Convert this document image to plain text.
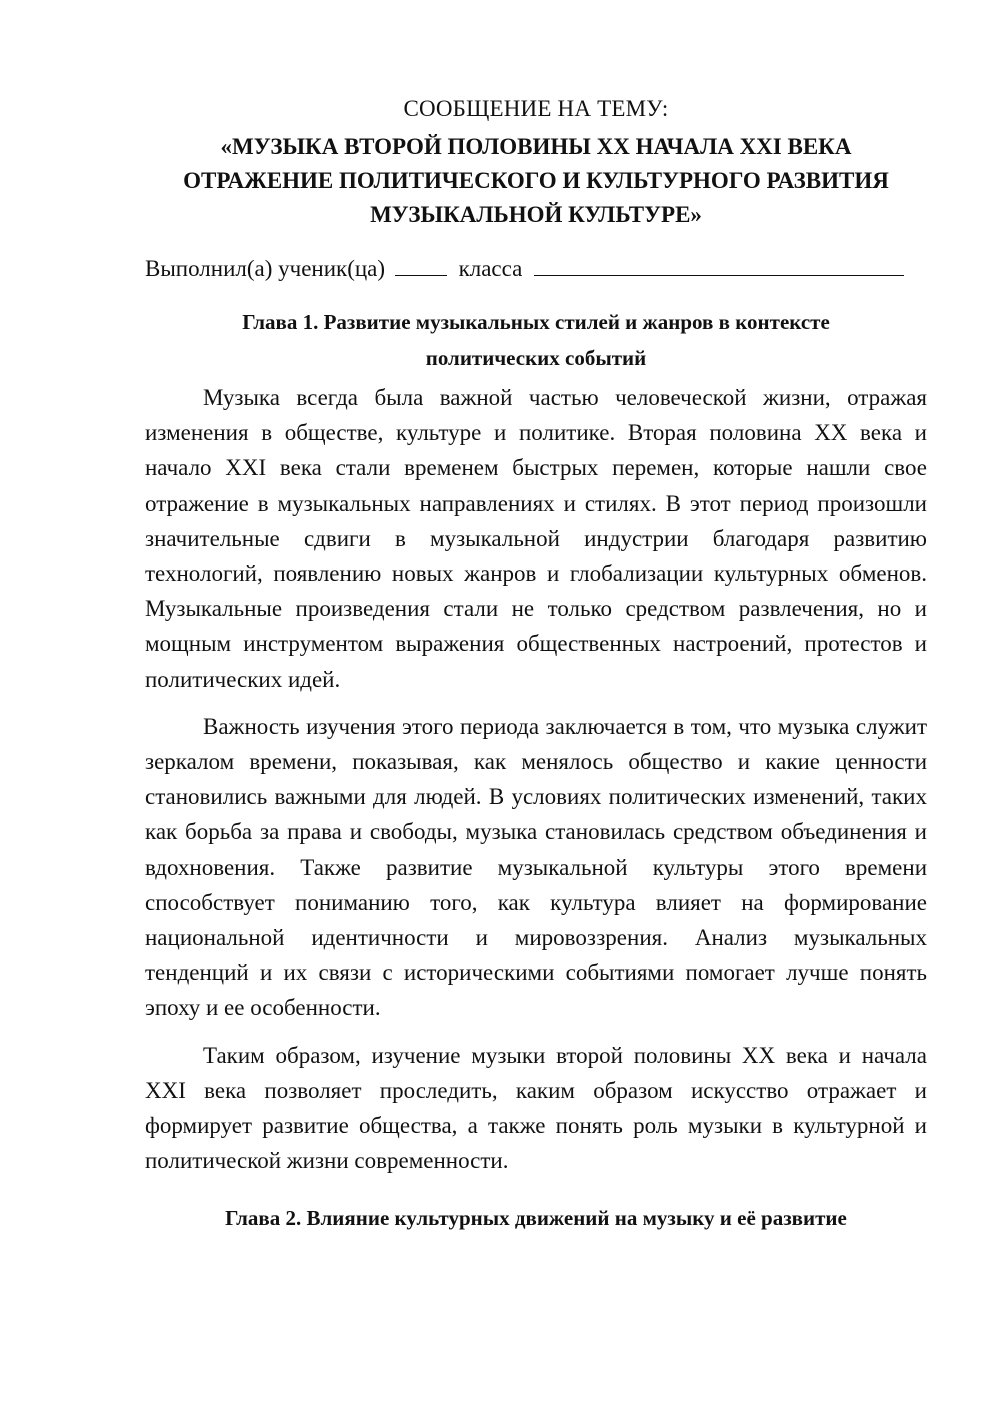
СООБЩЕНИЕ НА ТЕМУ:
«МУЗЫКА ВТОРОЙ ПОЛОВИНЫ XX НАЧАЛА XXI ВЕКА
ОТРАЖЕНИЕ ПОЛИТИЧЕСКОГО И КУЛЬТУРНОГО РАЗВИТИЯ
МУЗЫКАЛЬНОЙ КУЛЬТУРЕ»
Выполнил(а) ученик(ца)	класса
Глава 1. Развитие музыкальных стилей и жанров в контексте
политических событий

Музыка всегда была важной частью человеческой жизни, отражая изменения в обществе, культуре и политике. Вторая половина XX века и начало XXI века стали временем быстрых перемен, которые нашли свое отражение в музыкальных направлениях и стилях. В этот период произошли значительные сдвиги в музыкальной индустрии благодаря развитию технологий, появлению новых жанров и глобализации культурных обменов. Музыкальные произведения стали не только средством развлечения, но и мощным инструментом выражения общественных настроений, протестов и политических идей.

Важность изучения этого периода заключается в том, что музыка служит зеркалом времени, показывая, как менялось общество и какие ценности становились важными для людей. В условиях политических изменений, таких как борьба за права и свободы, музыка становилась средством объединения и вдохновения. Также развитие музыкальной культуры этого времени способствует пониманию того, как культура влияет на формирование национальной идентичности и мировоззрения. Анализ музыкальных тенденций и их связи с историческими событиями помогает лучше понять эпоху и ее особенности.

Таким образом, изучение музыки второй половины XX века и начала XXI века позволяет проследить, каким образом искусство отражает и формирует развитие общества, а также понять роль музыки в культурной и политической жизни современности.

Глава 2. Влияние культурных движений на музыку и её развитие
